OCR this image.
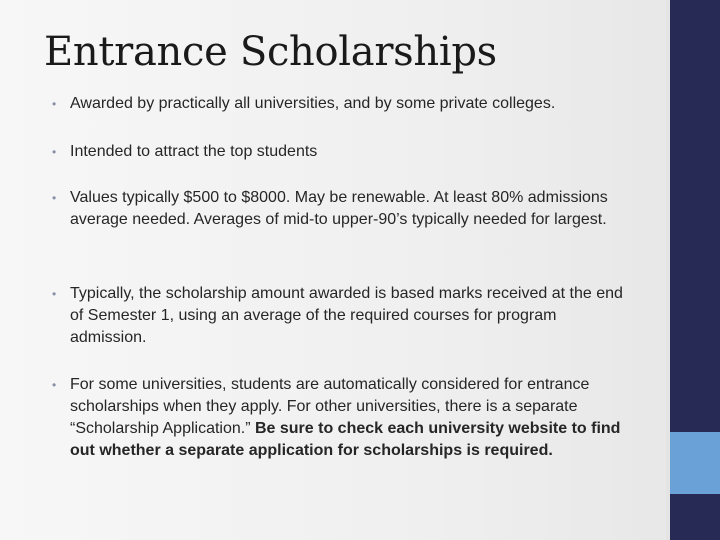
Entrance Scholarships
• Awarded by practically all universities, and by some private colleges.
• Intended to attract the top students
• Values typically $500 to $8000. May be renewable. At least 80% admissions average needed. Averages of mid-to upper-90’s typically needed for largest.
• Typically, the scholarship amount awarded is based marks received at the end of Semester 1, using an average of the required courses for program admission.
• For some universities, students are automatically considered for entrance scholarships when they apply. For other universities, there is a separate “Scholarship Application.” Be sure to check each university website to find out whether a separate application for scholarships is required.
